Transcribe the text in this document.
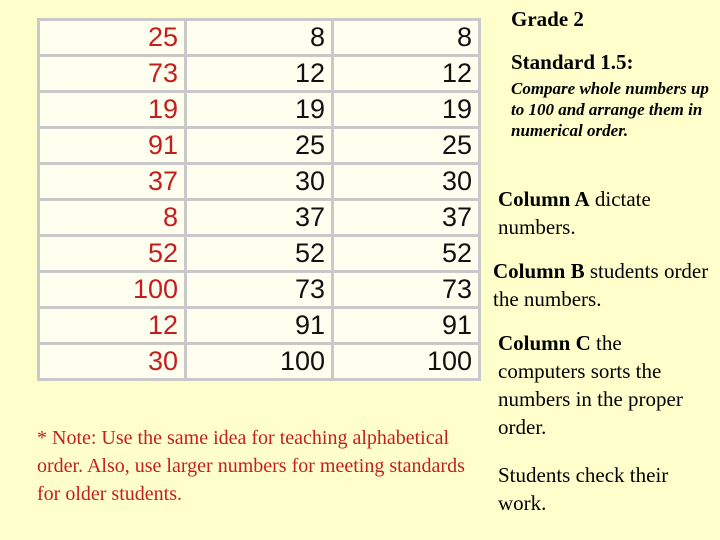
25	8	8
73	12	12
19	19	19
91	25	25
37	30	30
8	37	37
52	52	52
100	73	73
12	91	91
30	100	100
Grade 2
Standard 1.5:
Compare whole numbers up to 100 and arrange them in numerical order.
Column A dictate numbers.
Column B students order the numbers.
Column C the computers sorts the numbers in the proper order.
Students check their work.
* Note: Use the same idea for teaching alphabetical order. Also, use larger numbers for meeting standards for older students.
